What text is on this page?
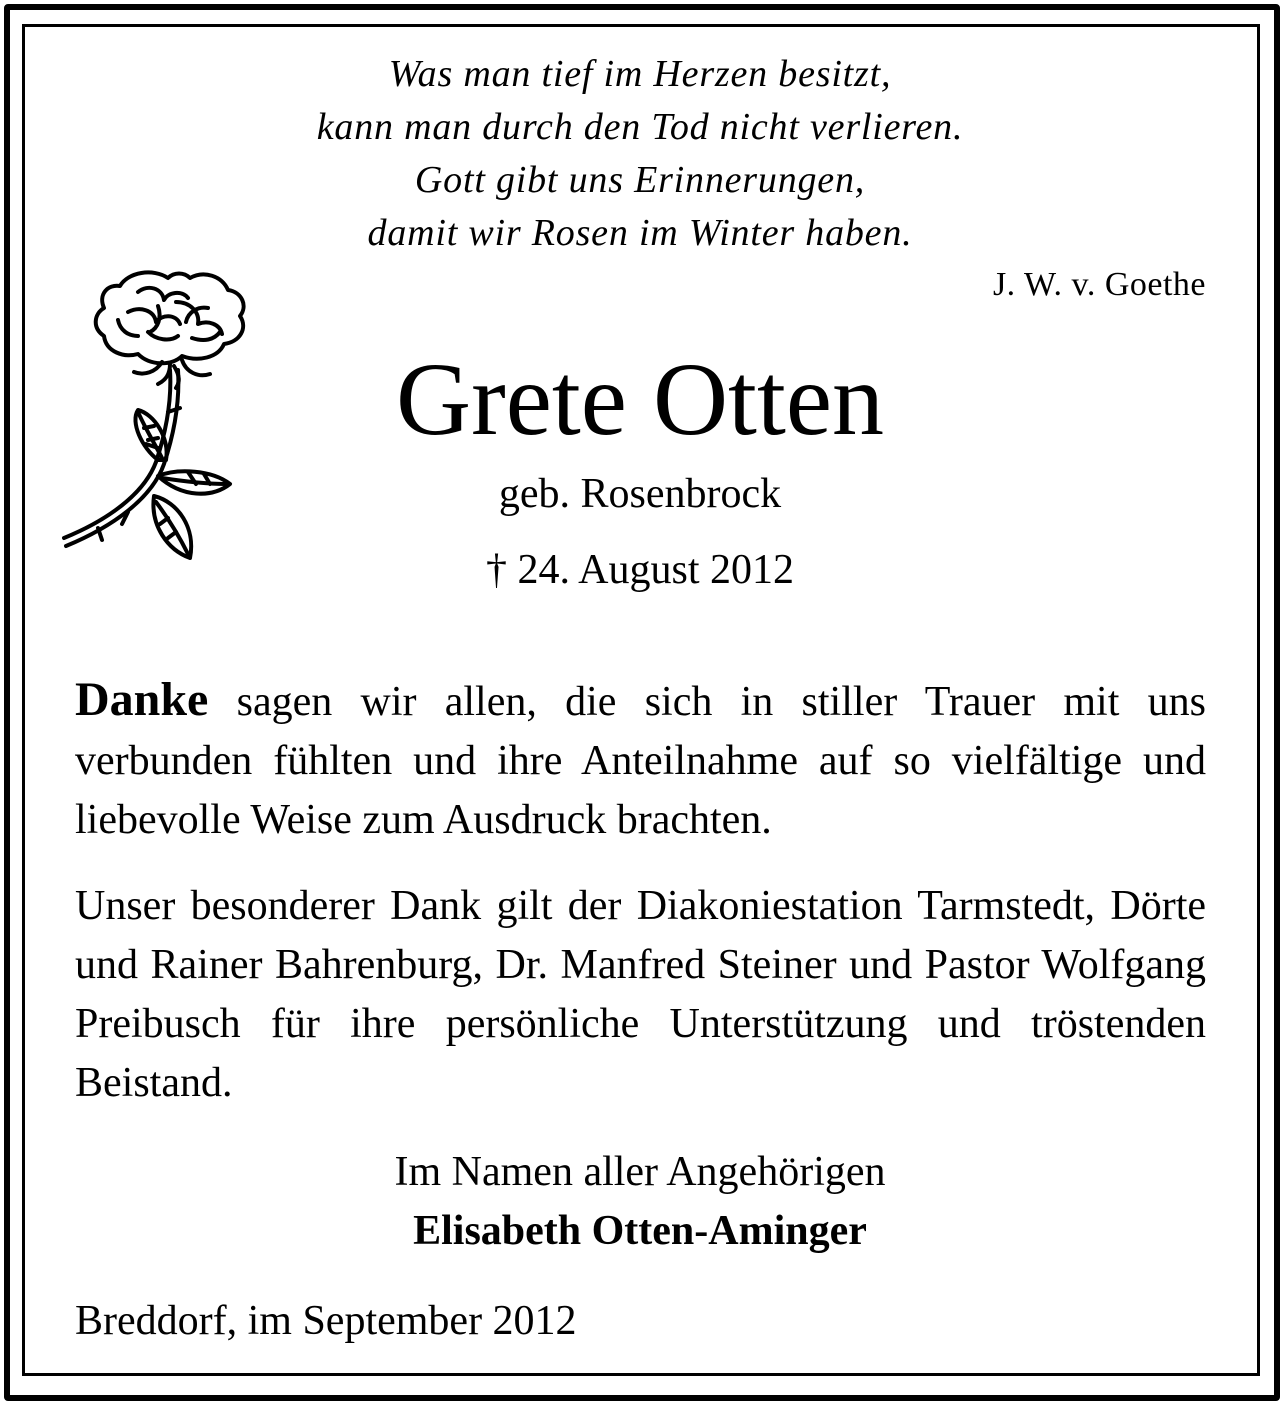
Was man tief im Herzen besitzt,
kann man durch den Tod nicht verlieren.
Gott gibt uns Erinnerungen,
damit wir Rosen im Winter haben.
J. W. v. Goethe
Grete Otten
geb. Rosenbrock
† 24. August 2012
Danke sagen wir allen, die sich in stiller Trauer mit uns verbunden fühlten und ihre Anteilnahme auf so vielfältige und liebevolle Weise zum Ausdruck brachten.
Unser besonderer Dank gilt der Diakoniestation Tarmstedt, Dörte und Rainer Bahrenburg, Dr. Manfred Steiner und Pastor Wolfgang Preibusch für ihre persönliche Unterstützung und tröstenden Beistand.
Im Namen aller Angehörigen
Elisabeth Otten-Aminger
Breddorf, im September 2012
